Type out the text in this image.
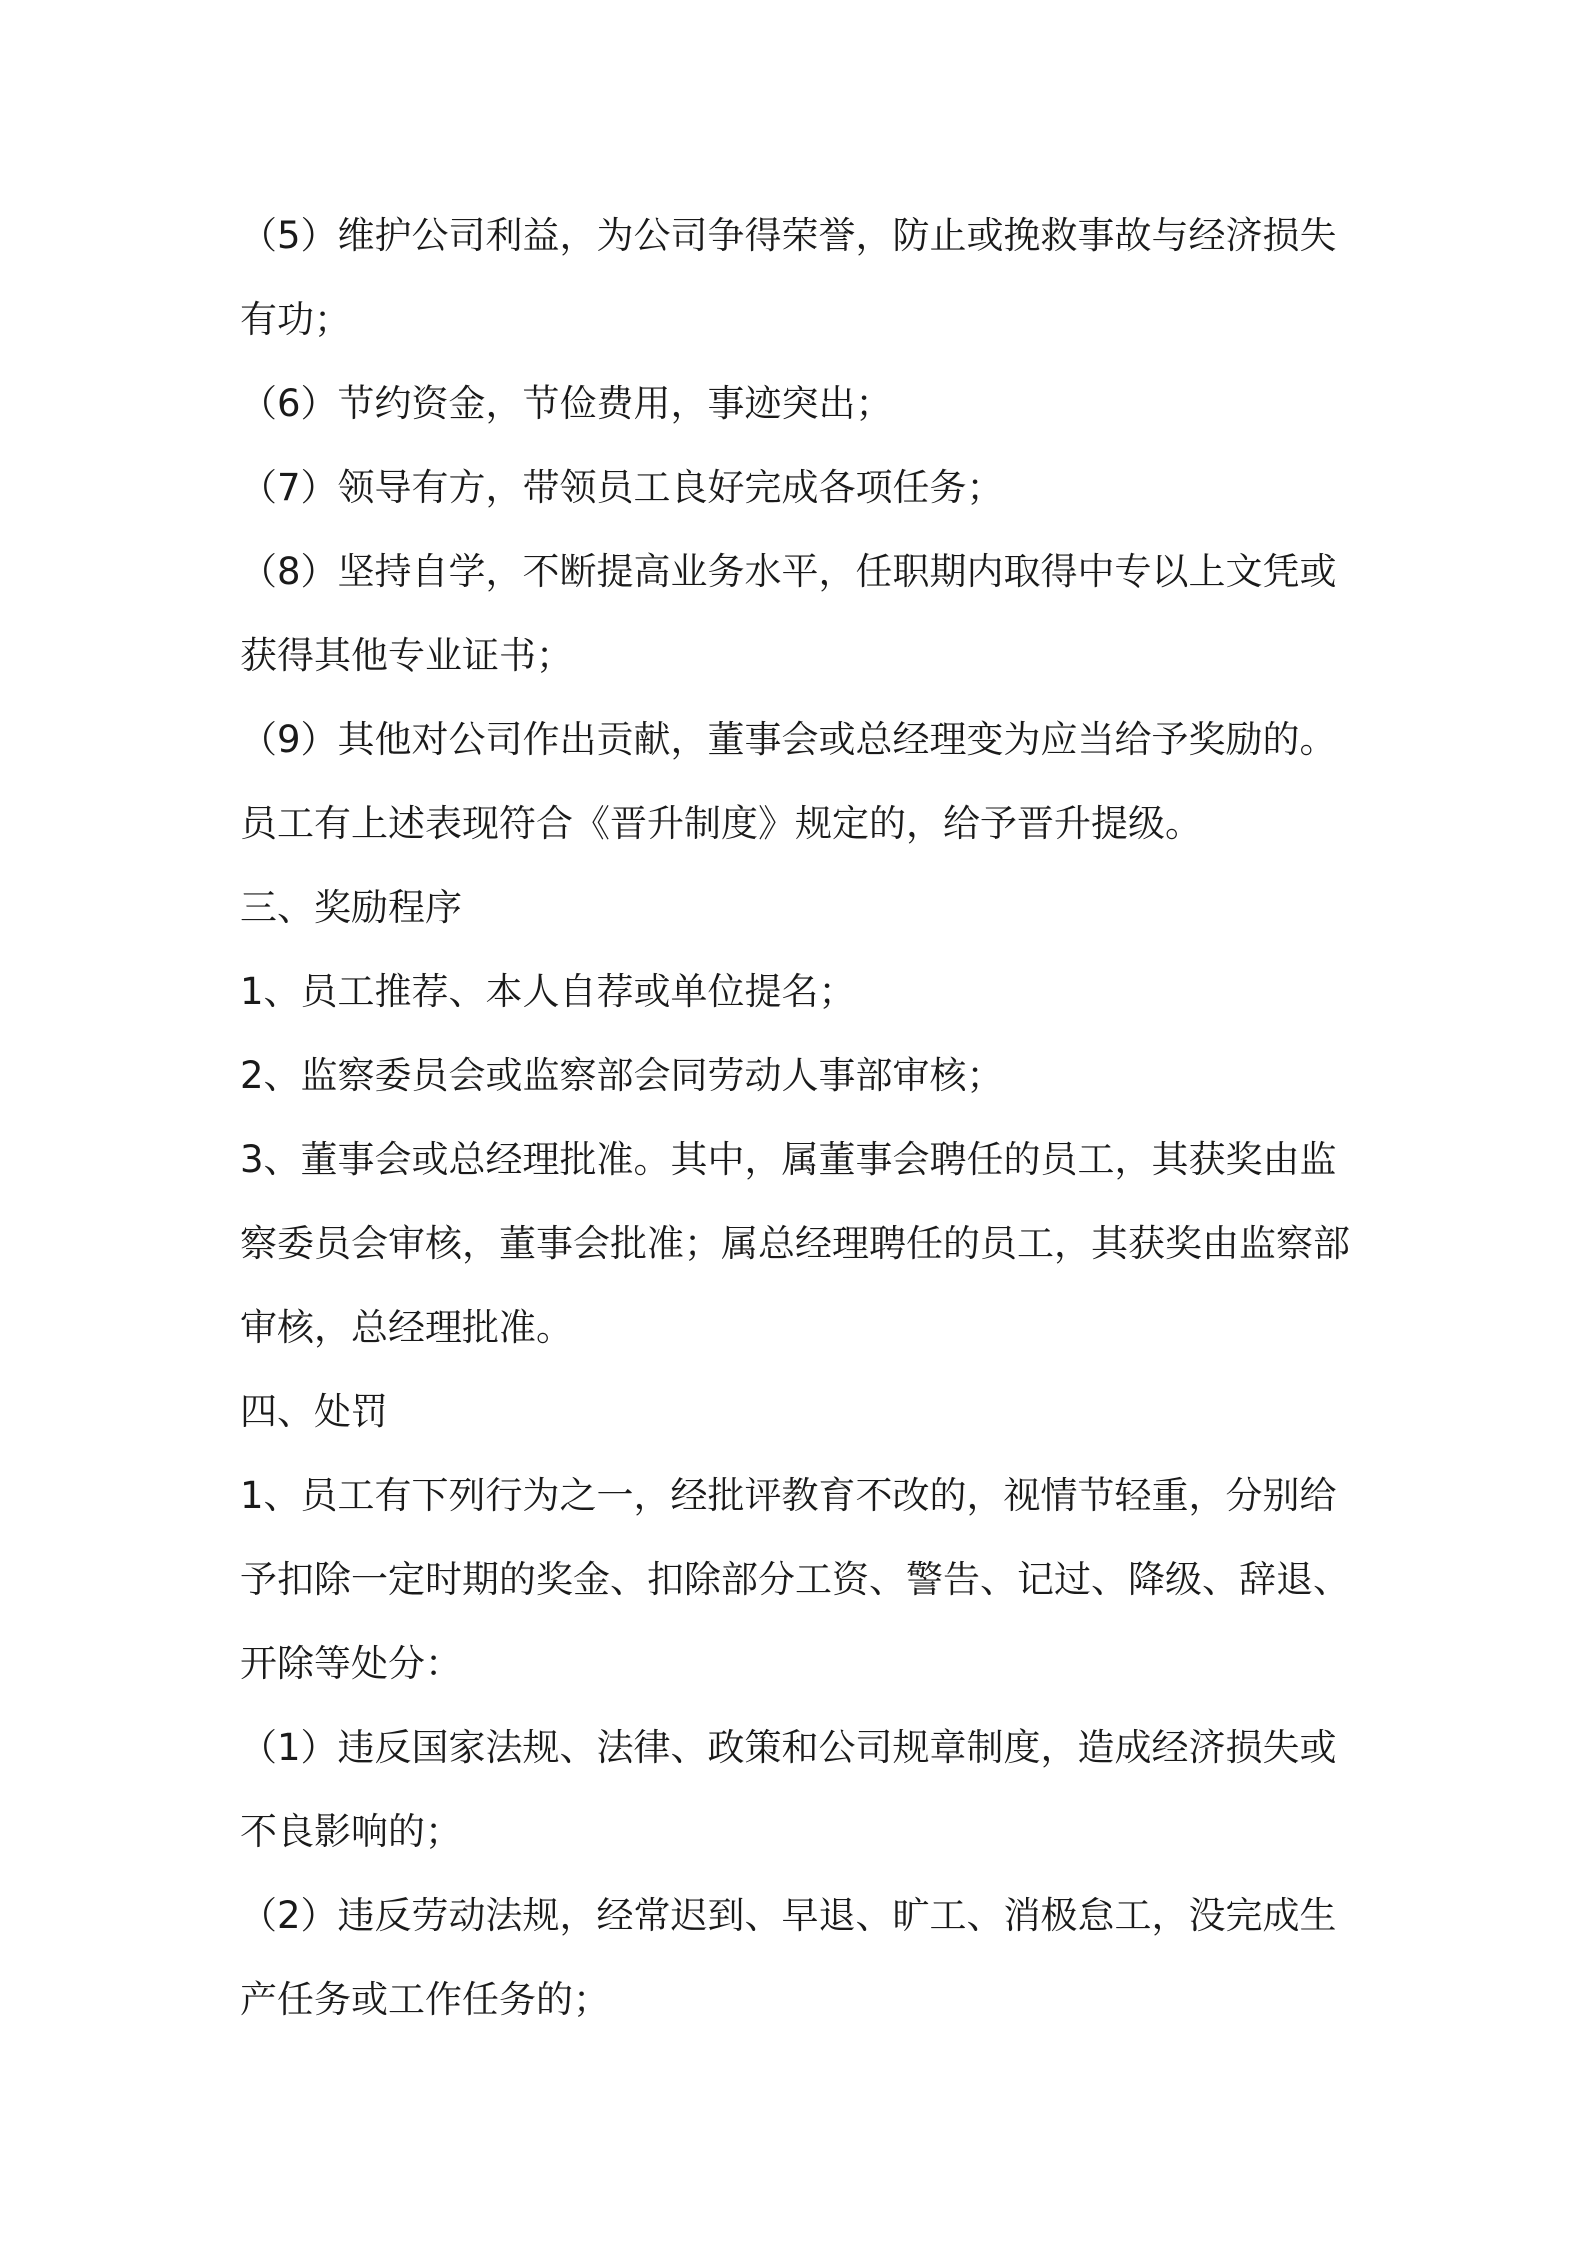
（5）维护公司利益，为公司争得荣誉，防止或挽救事故与经济损失
有功；
（6）节约资金，节俭费用，事迹突出；
（7）领导有方，带领员工良好完成各项任务；
（8）坚持自学，不断提高业务水平，任职期内取得中专以上文凭或
获得其他专业证书；
（9）其他对公司作出贡献，董事会或总经理变为应当给予奖励的。
员工有上述表现符合《晋升制度》规定的，给予晋升提级。
三、奖励程序
1、员工推荐、本人自荐或单位提名；
2、监察委员会或监察部会同劳动人事部审核；
3、董事会或总经理批准。其中，属董事会聘任的员工，其获奖由监
察委员会审核，董事会批准；属总经理聘任的员工，其获奖由监察部
审核，总经理批准。
四、处罚
1、员工有下列行为之一，经批评教育不改的，视情节轻重，分别给
予扣除一定时期的奖金、扣除部分工资、警告、记过、降级、辞退、
开除等处分：
（1）违反国家法规、法律、政策和公司规章制度，造成经济损失或
不良影响的；
（2）违反劳动法规，经常迟到、早退、旷工、消极怠工，没完成生
产任务或工作任务的；
